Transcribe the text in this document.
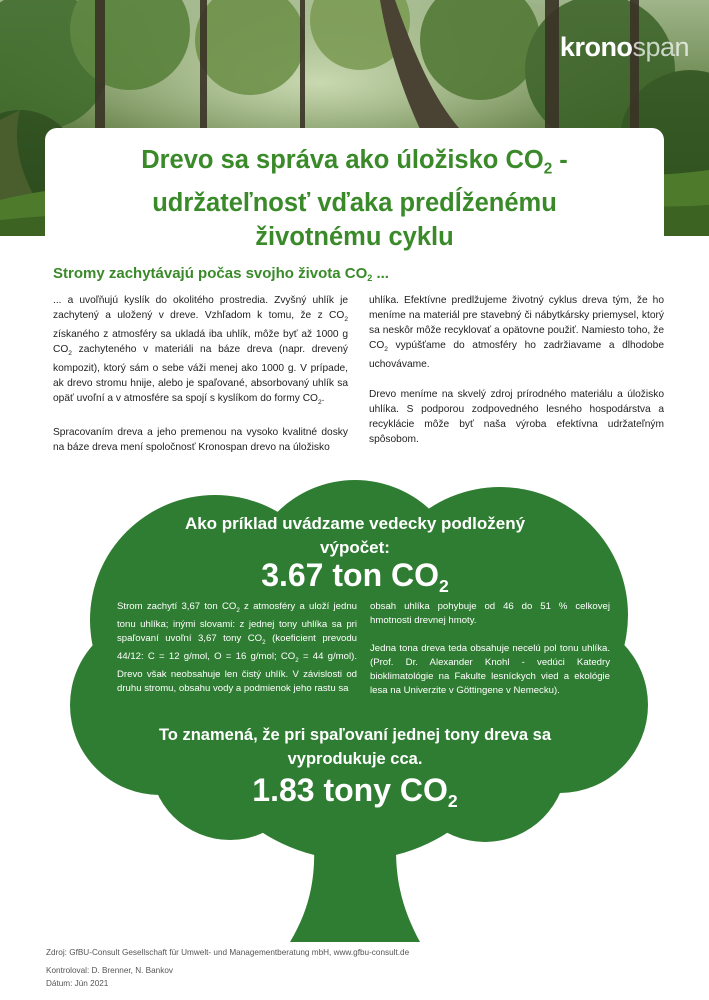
kronospan
Drevo sa správa ako úložisko $CO_2$ -
udržateľnosť vďaka predĺženému
životnému cyklu
Stromy zachytávajú počas svojho života $CO_2$ ...

... a uvoľňujú kyslík do okolitého prostredia. Zvyšný uhlík je zachytený a uložený v dreve. Vzhľadom k tomu, že z $CO_2$ získaného z atmosféry sa ukladá iba uhlík, môže byť až 1000 g $CO_2$ zachyteného v materiáli na báze dreva (napr. drevený kompozit), ktorý sám o sebe váži menej ako 1000 g. V prípade, ak drevo stromu hnije, alebo je spaľované, absorbovaný uhlík sa opäť uvoľní a v atmosfére sa spojí s kyslíkom do formy $CO_2$.

Spracovaním dreva a jeho premenou na vysoko kvalitné dosky na báze dreva mení spoločnosť Kronospan drevo na úložisko

uhlíka. Efektívne predlžujeme životný cyklus dreva tým, že ho meníme na materiál pre stavebný či nábytkársky priemysel, ktorý sa neskôr môže recyklovať a opätovne použiť. Namiesto toho, že $CO_2$ vypúšťame do atmosféry ho zadržiavame a dlhodobe uchovávame.

Drevo meníme na skvelý zdroj prírodného materiálu a úložisko uhlíka. S podporou zodpovedného lesného hospodárstva a recyklácie môže byť naša výroba efektívna udržateľným spôsobom.

Ako príklad uvádzame vedecky podložený výpočet:

3.67 ton $CO_2$

Strom zachytí 3,67 ton $CO_2$ z atmosféry a uloží jednu tonu uhlíka; inými slovami: z jednej tony uhlíka sa pri spaľovaní uvoľní 3,67 tony $CO_2$ (koeficient prevodu 44/12: C = 12 g/mol, O = 16 g/mol; $CO_2 = 44$ g/mol). Drevo však neobsahuje len čistý uhlík. V závislosti od druhu stromu, obsahu vody a podmienok jeho rastu sa

obsah uhlíka pohybuje od 46 do 51 % celkovej hmotnosti drevnej hmoty.

Jedna tona dreva teda obsahuje necelú pol tonu uhlíka. (Prof. Dr. Alexander Knohl - vedúci Katedry bioklimatológie na Fakulte lesníckych vied a ekológie lesa na Univerzite v Göttingene v Nemecku).

To znamená, že pri spaľovaní jednej tony dreva sa vyprodukuje cca.

1.83 tony $CO_2$

Zdroj: GfBU-Consult Gesellschaft für Umwelt- und Managementberatung mbH, www.gfbu-consult.de

Kontroloval: D. Brenner, N. Bankov

Dátum: Jún 2021
